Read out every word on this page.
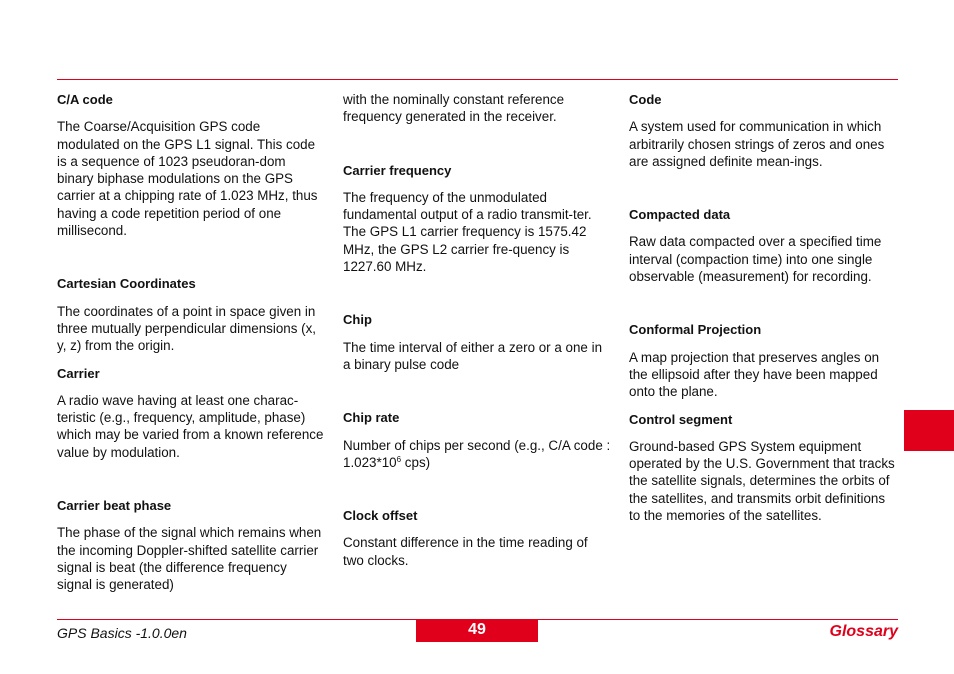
C/A code

The Coarse/Acquisition GPS code modulated on the GPS L1 signal. This code is a sequence of 1023 pseudoran-dom binary biphase modulations on the GPS carrier at a chipping rate of 1.023 MHz, thus having a code repetition period of one millisecond.

Cartesian Coordinates

The coordinates of a point in space given in three mutually perpendicular dimensions (x, y, z) from the origin.

Carrier

A radio wave having at least one charac-teristic (e.g., frequency, amplitude, phase) which may be varied from a known reference value by modulation.

Carrier beat phase

The phase of the signal which remains when the incoming Doppler-shifted satellite carrier signal is beat (the difference frequency signal is generated)

with the nominally constant reference frequency generated in the receiver.

Carrier frequency

The frequency of the unmodulated fundamental output of a radio transmit-ter. The GPS L1 carrier frequency is 1575.42 MHz, the GPS L2 carrier fre-quency is 1227.60 MHz.

Chip

The time interval of either a zero or a one in a binary pulse code

Chip rate

Number of chips per second (e.g., C/A code : $1.023*10^6$ cps)

Clock offset

Constant difference in the time reading of two clocks.

Code

A system used for communication in which arbitrarily chosen strings of zeros and ones are assigned definite mean-ings.

Compacted data

Raw data compacted over a specified time interval (compaction time) into one single observable (measurement) for recording.

Conformal Projection

A map projection that preserves angles on the ellipsoid after they have been mapped onto the plane.

Control segment

Ground-based GPS System equipment operated by the U.S. Government that tracks the satellite signals, determines the orbits of the satellites, and transmits orbit definitions to the memories of the satellites.

GPS Basics -1.0.0en	49	Glossary
